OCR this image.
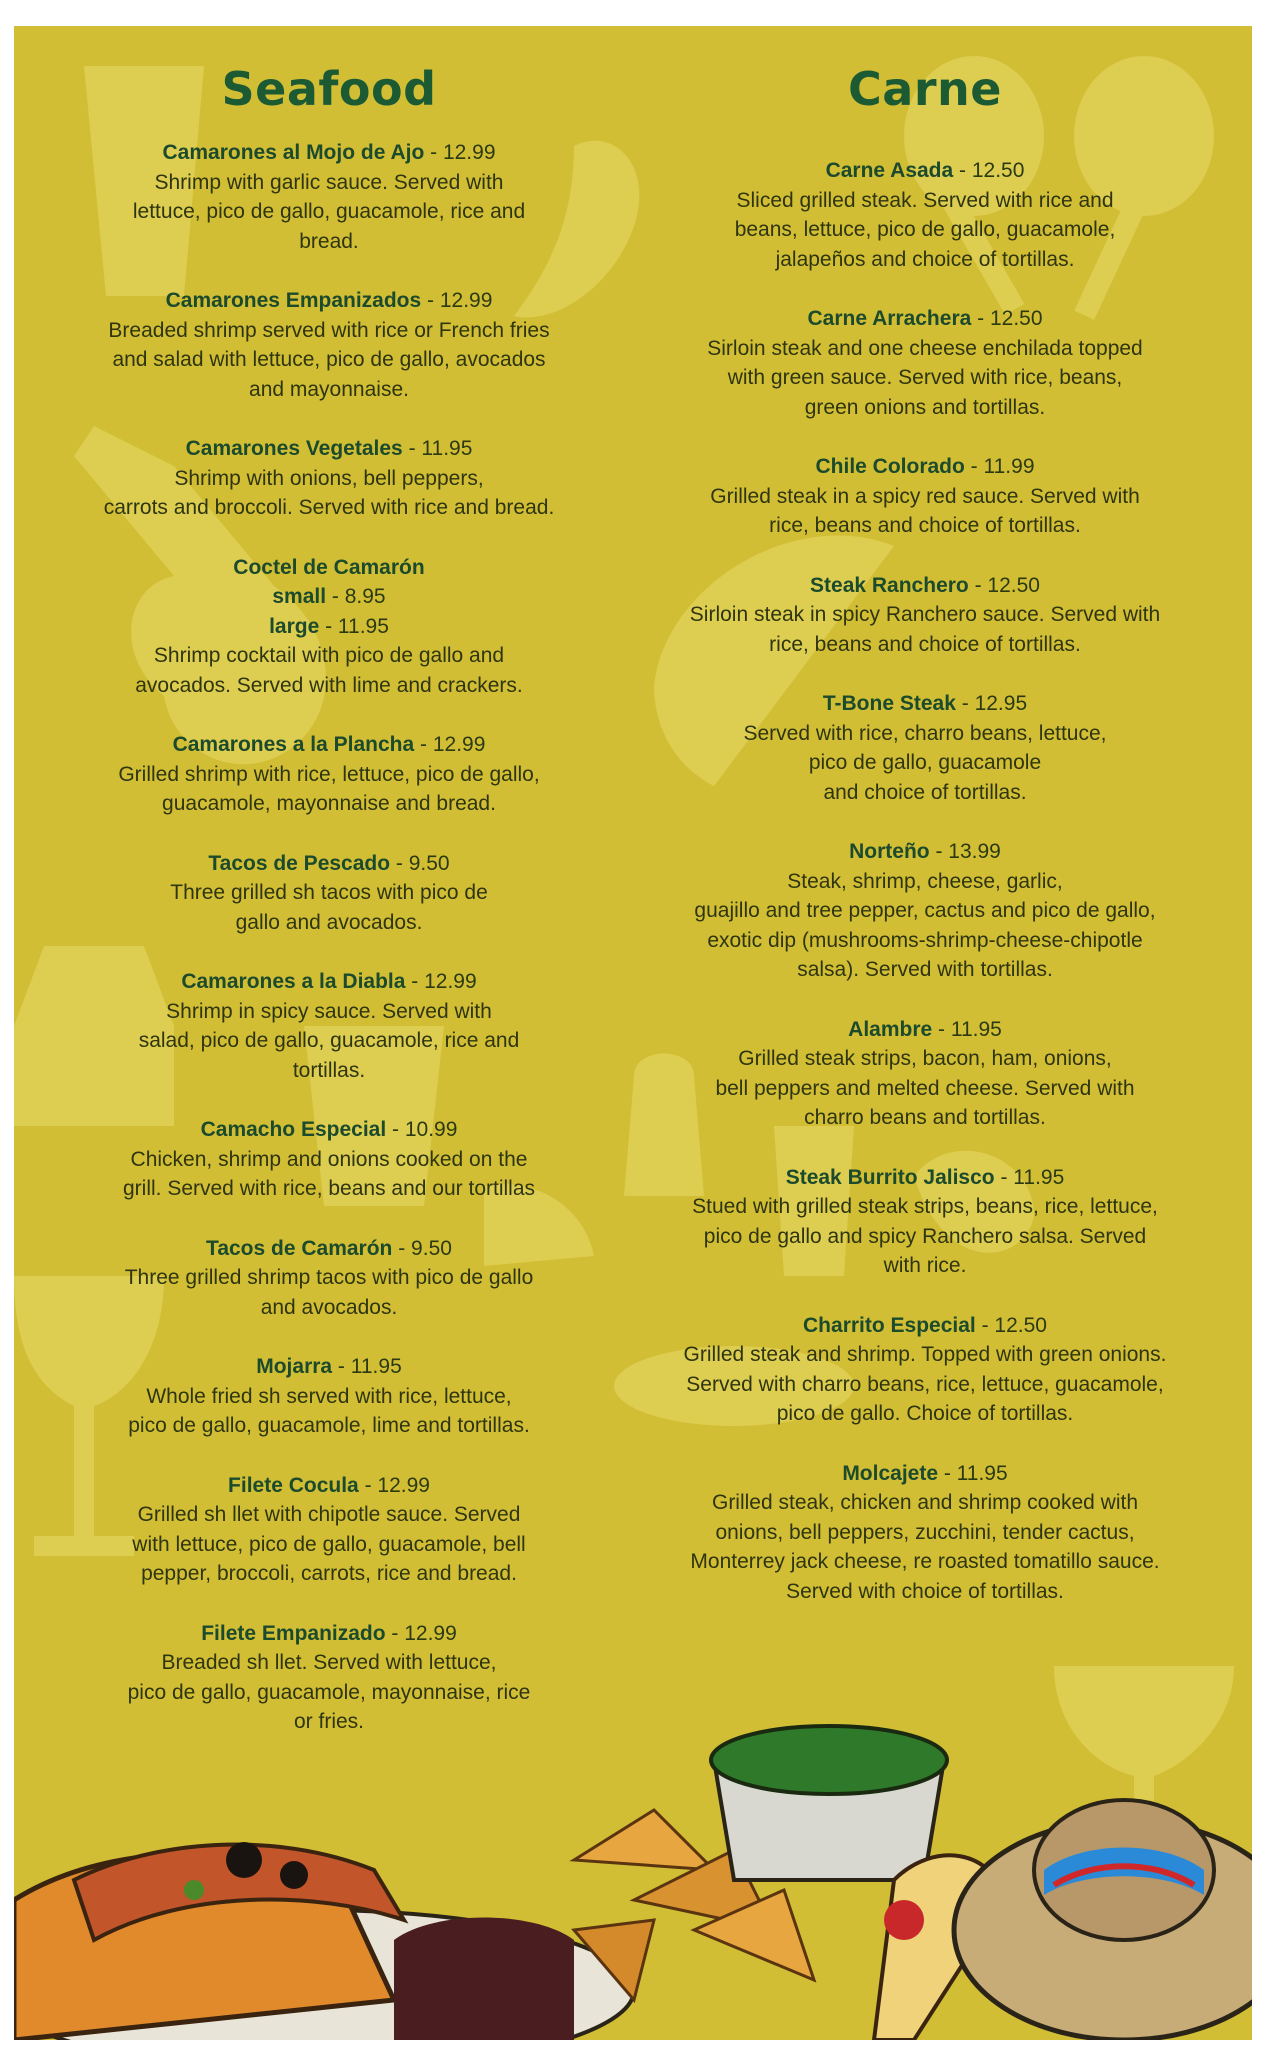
Seafood
Camarones al Mojo de Ajo - 12.99
Shrimp with garlic sauce. Served with
lettuce, pico de gallo, guacamole, rice and
bread.
Camarones Empanizados - 12.99
Breaded shrimp served with rice or French fries
and salad with lettuce, pico de gallo, avocados
and mayonnaise.
Camarones Vegetales - 11.95
Shrimp with onions, bell peppers,
carrots and broccoli. Served with rice and bread.
Coctel de Camarón
small - 8.95
large - 11.95
Shrimp cocktail with pico de gallo and
avocados. Served with lime and crackers.
Camarones a la Plancha - 12.99
Grilled shrimp with rice, lettuce, pico de gallo,
guacamole, mayonnaise and bread.
Tacos de Pescado - 9.50
Three grilled sh tacos with pico de
gallo and avocados.
Camarones a la Diabla - 12.99
Shrimp in spicy sauce. Served with
salad, pico de gallo, guacamole, rice and
tortillas.
Camacho Especial - 10.99
Chicken, shrimp and onions cooked on the
grill. Served with rice, beans and our tortillas
Tacos de Camarón - 9.50
Three grilled shrimp tacos with pico de gallo
and avocados.
Mojarra - 11.95
Whole fried sh served with rice, lettuce,
pico de gallo, guacamole, lime and tortillas.
Filete Cocula - 12.99
Grilled sh llet with chipotle sauce. Served
with lettuce, pico de gallo, guacamole, bell
pepper, broccoli, carrots, rice and bread.
Filete Empanizado - 12.99
Breaded sh llet. Served with lettuce,
pico de gallo, guacamole, mayonnaise, rice
or fries.
Carne
Carne Asada - 12.50
Sliced grilled steak. Served with rice and
beans, lettuce, pico de gallo, guacamole,
jalapeños and choice of tortillas.
Carne Arrachera - 12.50
Sirloin steak and one cheese enchilada topped
with green sauce. Served with rice, beans,
green onions and tortillas.
Chile Colorado - 11.99
Grilled steak in a spicy red sauce. Served with
rice, beans and choice of tortillas.
Steak Ranchero - 12.50
Sirloin steak in spicy Ranchero sauce. Served with
rice, beans and choice of tortillas.
T-Bone Steak - 12.95
Served with rice, charro beans, lettuce,
pico de gallo, guacamole
and choice of tortillas.
Norteño - 13.99
Steak, shrimp, cheese, garlic,
guajillo and tree pepper, cactus and pico de gallo,
exotic dip (mushrooms-shrimp-cheese-chipotle
salsa). Served with tortillas.
Alambre - 11.95
Grilled steak strips, bacon, ham, onions,
bell peppers and melted cheese. Served with
charro beans and tortillas.
Steak Burrito Jalisco - 11.95
Stued with grilled steak strips, beans, rice, lettuce,
pico de gallo and spicy Ranchero salsa. Served
with rice.
Charrito Especial - 12.50
Grilled steak and shrimp. Topped with green onions.
Served with charro beans, rice, lettuce, guacamole,
pico de gallo. Choice of tortillas.
Molcajete - 11.95
Grilled steak, chicken and shrimp cooked with
onions, bell peppers, zucchini, tender cactus,
Monterrey jack cheese, re roasted tomatillo sauce.
Served with choice of tortillas.
